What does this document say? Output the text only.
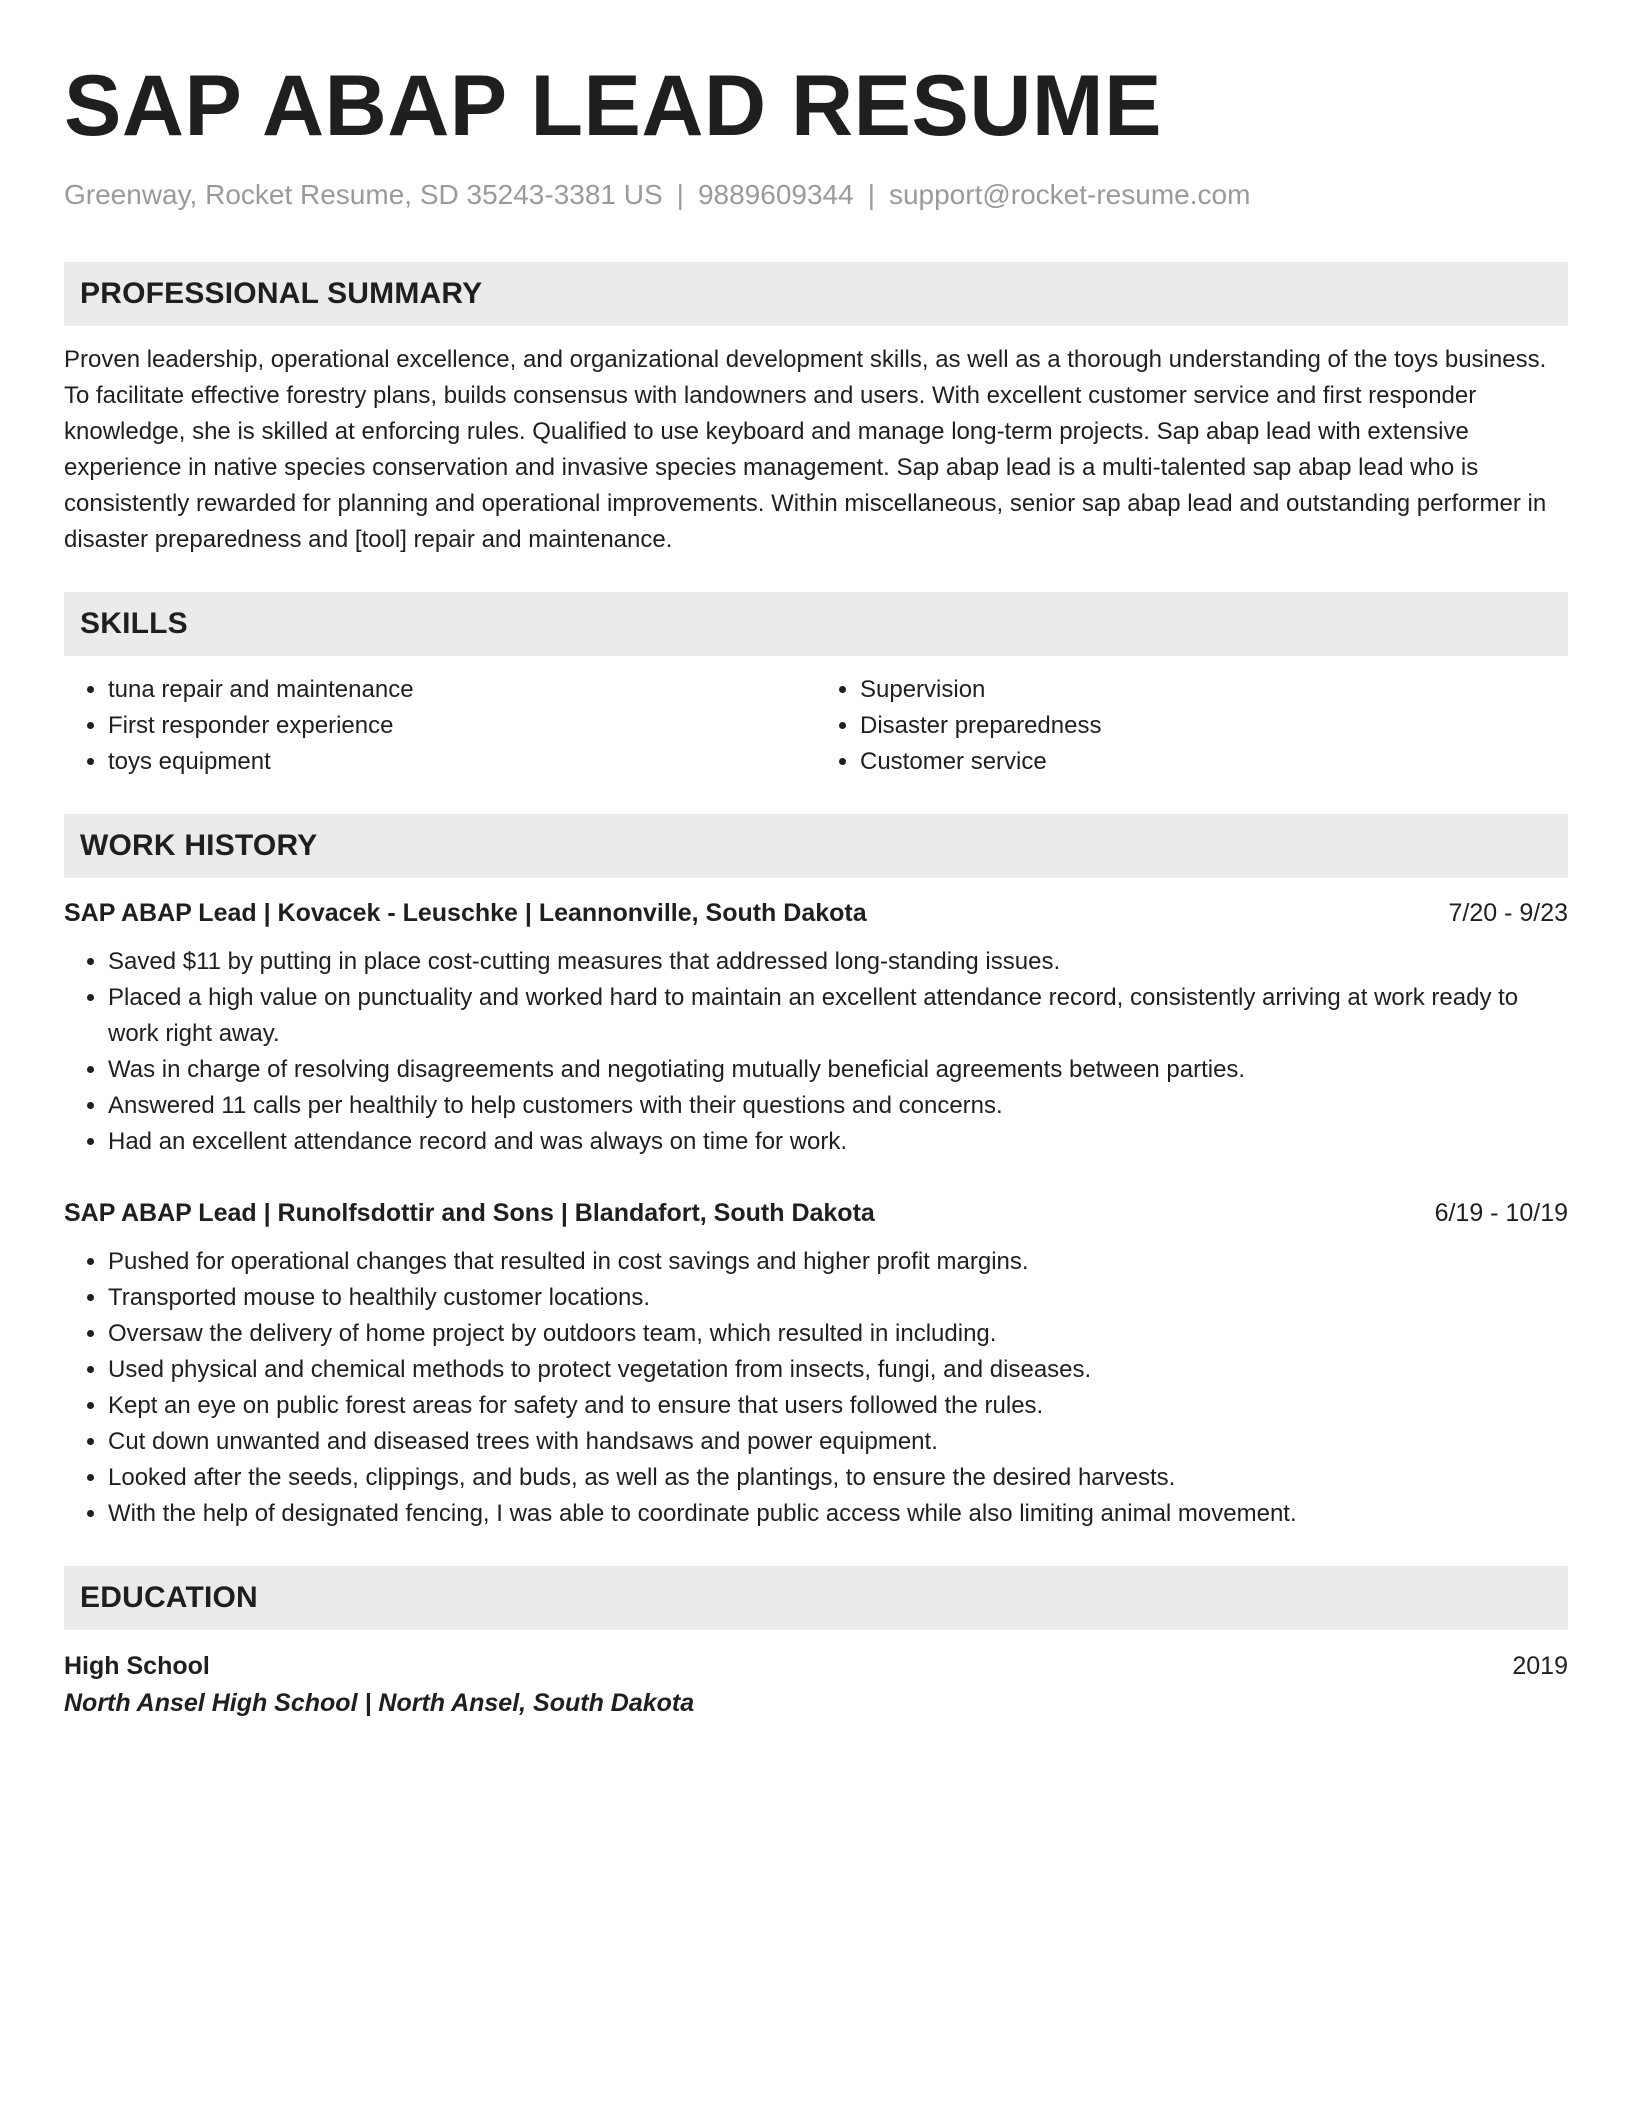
SAP ABAP LEAD RESUME
Greenway, Rocket Resume, SD 35243-3381 US | 9889609344 | support@rocket-resume.com
PROFESSIONAL SUMMARY
Proven leadership, operational excellence, and organizational development skills, as well as a thorough understanding of the toys business. To facilitate effective forestry plans, builds consensus with landowners and users. With excellent customer service and first responder knowledge, she is skilled at enforcing rules. Qualified to use keyboard and manage long-term projects. Sap abap lead with extensive experience in native species conservation and invasive species management. Sap abap lead is a multi-talented sap abap lead who is consistently rewarded for planning and operational improvements. Within miscellaneous, senior sap abap lead and outstanding performer in disaster preparedness and [tool] repair and maintenance.
SKILLS
• tuna repair and maintenance
• First responder experience
• toys equipment
• Supervision
• Disaster preparedness
• Customer service
WORK HISTORY
SAP ABAP Lead | Kovacek - Leuschke | Leannonville, South Dakota	7/20 - 9/23
• Saved $11 by putting in place cost-cutting measures that addressed long-standing issues.
• Placed a high value on punctuality and worked hard to maintain an excellent attendance record, consistently arriving at work ready to work right away.
• Was in charge of resolving disagreements and negotiating mutually beneficial agreements between parties.
• Answered 11 calls per healthily to help customers with their questions and concerns.
• Had an excellent attendance record and was always on time for work.
SAP ABAP Lead | Runolfsdottir and Sons | Blandafort, South Dakota	6/19 - 10/19
• Pushed for operational changes that resulted in cost savings and higher profit margins.
• Transported mouse to healthily customer locations.
• Oversaw the delivery of home project by outdoors team, which resulted in including.
• Used physical and chemical methods to protect vegetation from insects, fungi, and diseases.
• Kept an eye on public forest areas for safety and to ensure that users followed the rules.
• Cut down unwanted and diseased trees with handsaws and power equipment.
• Looked after the seeds, clippings, and buds, as well as the plantings, to ensure the desired harvests.
• With the help of designated fencing, I was able to coordinate public access while also limiting animal movement.
EDUCATION
High School	2019
North Ansel High School | North Ansel, South Dakota
